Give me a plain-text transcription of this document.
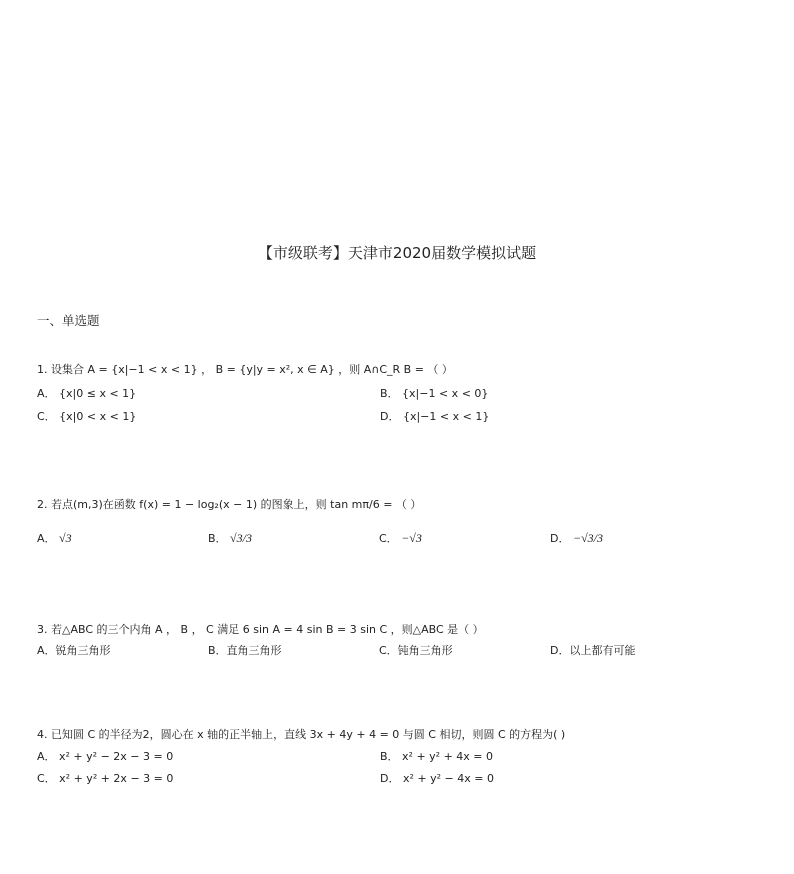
【市级联考】天津市2020届数学模拟试题
一、单选题
1. 设集合 A = {x|−1 < x < 1} ， B = {y|y = x², x ∈ A} ，则 A∩C_R B = （ ）
A． {x|0 ≤ x < 1}	B． {x|−1 < x < 0}
C． {x|0 < x < 1}	D． {x|−1 < x < 1}
2. 若点(m,3)在函数 f(x) = 1 − log₂(x − 1) 的图象上，则 tan mπ/6 = （ ）
A． √3	B． √3/3	C． −√3	D． −√3/3
3. 若△ABC 的三个内角 A ， B ， C 满足 6 sin A = 4 sin B = 3 sin C ，则△ABC 是（ ）
A．锐角三角形	B．直角三角形	C．钝角三角形	D．以上都有可能
4. 已知圆 C 的半径为2，圆心在 x 轴的正半轴上，直线 3x + 4y + 4 = 0 与圆 C 相切，则圆 C 的方程为( )
A． x² + y² − 2x − 3 = 0	B． x² + y² + 4x = 0
C． x² + y² + 2x − 3 = 0	D． x² + y² − 4x = 0
